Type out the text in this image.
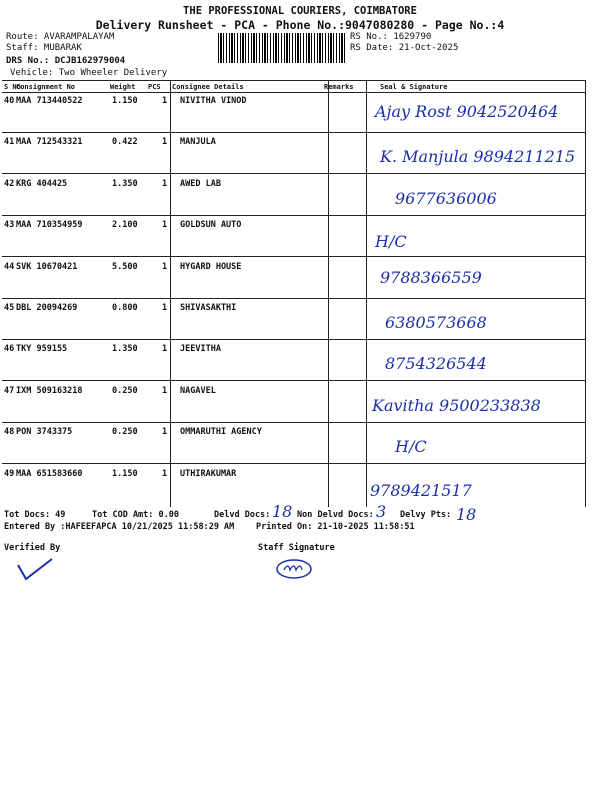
THE PROFESSIONAL COURIERS, COIMBATORE
Delivery Runsheet - PCA - Phone No.:9047080280 - Page No.:4
Route: AVARAMPALAYAM
Staff: MUBARAK
DRS No.: DCJB162979004
Vehicle: Two Wheeler Delivery
RS No.: 1629790
RS Date: 21-Oct-2025
S No
Consignment No	Weight PCS Consignee Details	Remarks	Seal & Signature
40 MAA 713440522	1.150	1 NIVITHA VINOD
Ajay Rost 9042520464
41 MAA 712543321	0.422	1 MANJULA
K. Manjula 9894211215
42 KRG 404425	1.350	1 AWED LAB
9677636006
43 MAA 710354959	2.100	1 GOLDSUN AUTO
H/C
44 SVK 10670421	5.500	1 HYGARD HOUSE
9788366559
45 DBL 20094269	0.800	1 SHIVASAKTHI
6380573668
46 TKY 959155	1.350	1 JEEVITHA
8754326544
47 IXM 509163218	0.250	1 NAGAVEL
Kavitha 9500233838
48 PON 3743375	0.250	1 OMMARUTHI AGENCY
H/C
49 MAA 651583660	1.150	1 UTHIRAKUMAR
9789421517
Tot Docs: 49	Tot COD Amt: 0.00	Delvd Docs: 18 Non Delvd Docs: 3 Delvy Pts: 18
Entered By :HAFEEFAPCA 10/21/2025 11:58:29 AM	Printed On: 21-10-2025 11:58:51
Verified By	Staff Signature
